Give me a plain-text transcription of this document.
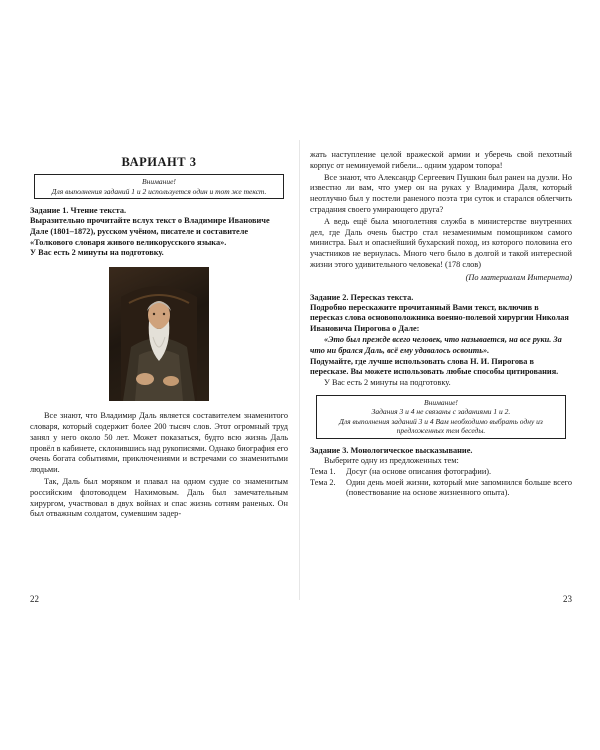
ВАРИАНТ 3
Внимание!
Для выполнения заданий 1 и 2 используется один и тот же текст.
Задание 1. Чтение текста.
Выразительно прочитайте вслух текст о Владимире Ивановиче Дале (1801–1872), русском учёном, писателе и составителе «Толкового словаря живого великорусского языка».
У Вас есть 2 минуты на подготовку.

Все знают, что Владимир Даль является составителем знаменитого словаря, который содержит более 200 тысяч слов. Этот огромный труд занял у него около 50 лет. Может показаться, будто всю жизнь Даль провёл в кабинете, склонившись над рукописями. Однако биография его очень богата событиями, приключениями и встречами со знаменитыми людьми.

Так, Даль был моряком и плавал на одном судне со знаменитым российским флотоводцем Нахимовым. Даль был замечательным хирургом, участвовал в двух войнах и спас жизнь сотням раненых. Он был отважным солдатом, сумевшим задер-

22

жать наступление целой вражеской армии и уберечь свой пехотный корпус от неминуемой гибели... одним ударом топора!

Все знают, что Александр Сергеевич Пушкин был ранен на дуэли. Но известно ли вам, что умер он на руках у Владимира Даля, который неотлучно был у постели раненого поэта три суток и старался облегчить страдания своего умирающего друга?

А ведь ещё была многолетняя служба в министерстве внутренних дел, где Даль очень быстро стал незаменимым помощником самого министра. Был и опаснейший бухарский поход, из которого половина его участников не вернулась. Много чего было в долгой и такой интересной жизни этого удивительного человека! (178 слов)

(По материалам Интернета)
Задание 2. Пересказ текста.
Подробно перескажите прочитанный Вами текст, включив в пересказ слова основоположника военно-полевой хирургии Николая Ивановича Пирогова о Дале:
«Это был прежде всего человек, что называется, на все руки. За что ни брался Даль, всё ему удавалось освоить».
Подумайте, где лучше использовать слова Н. И. Пирогова в пересказе. Вы можете использовать любые способы цитирования.
У Вас есть 2 минуты на подготовку.
Внимание!
Задания 3 и 4 не связаны с заданиями 1 и 2.
Для выполнения заданий 3 и 4 Вам необходимо выбрать одну из предложенных тем беседы.
Задание 3. Монологическое высказывание.
Выберите одну из предложенных тем:
Тема 1.	Досуг (на основе описания фотографии).
Тема 2.	Один день моей жизни, который мне запомнился больше всего (повествование на основе жизненного опыта).
23
